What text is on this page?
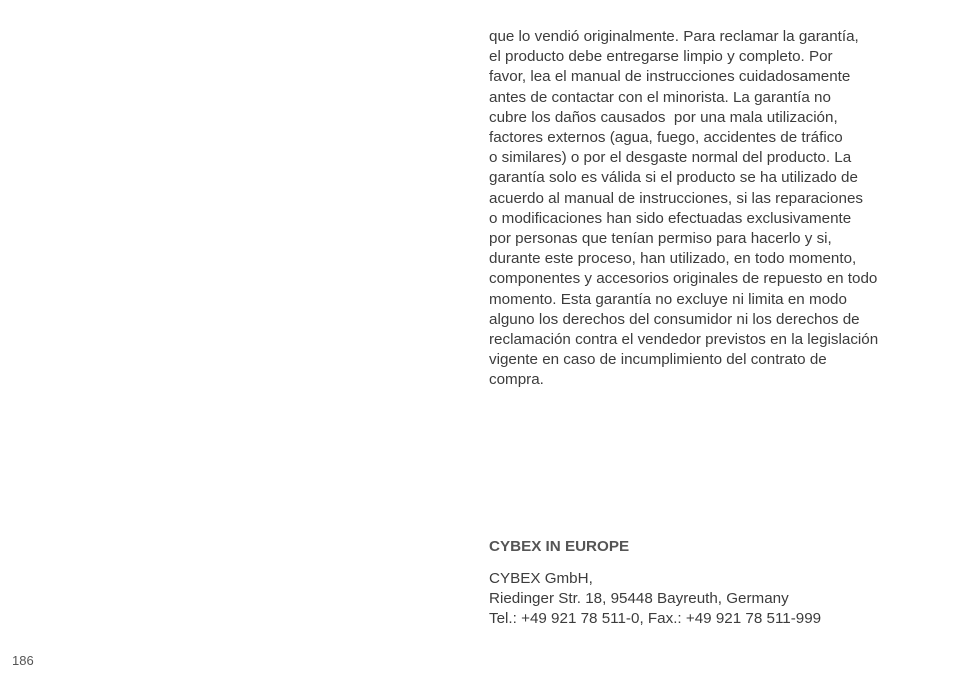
186
que lo vendió originalmente. Para reclamar la garantía,
el producto debe entregarse limpio y completo. Por
favor, lea el manual de instrucciones cuidadosamente
antes de contactar con el minorista. La garantía no
cubre los daños causados  por una mala utilización,
factores externos (agua, fuego, accidentes de tráfico
o similares) o por el desgaste normal del producto. La
garantía solo es válida si el producto se ha utilizado de
acuerdo al manual de instrucciones, si las reparaciones
o modificaciones han sido efectuadas exclusivamente
por personas que tenían permiso para hacerlo y si,
durante este proceso, han utilizado, en todo momento,
componentes y accesorios originales de repuesto en todo
momento. Esta garantía no excluye ni limita en modo
alguno los derechos del consumidor ni los derechos de
reclamación contra el vendedor previstos en la legislación
vigente en caso de incumplimiento del contrato de
compra.
CYBEX IN EUROPE
CYBEX GmbH,
Riedinger Str. 18, 95448 Bayreuth, Germany
Tel.: +49 921 78 511-0, Fax.: +49 921 78 511-999
